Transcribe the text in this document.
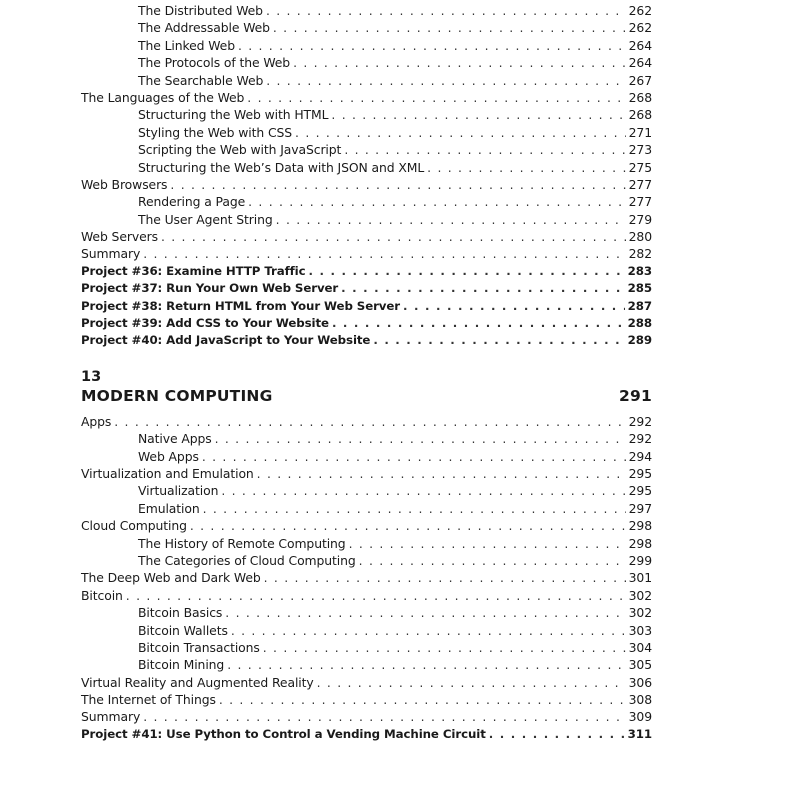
The Distributed Web . . .	262
The Addressable Web . . .	262
The Linked Web . . .	264
The Protocols of the Web . . .	264
The Searchable Web . . .	267
The Languages of the Web . . .	268
Structuring the Web with HTML . . .	268
Styling the Web with CSS . . .	271
Scripting the Web with JavaScript . . .	273
Structuring the Web’s Data with JSON and XML . . .	275
Web Browsers . . .	277
Rendering a Page . . .	277
The User Agent String . . .	279
Web Servers . . .	280
Summary . . .	282
Project #36: Examine HTTP Traffic . . .	283
Project #37: Run Your Own Web Server . . .	285
Project #38: Return HTML from Your Web Server . . .	287
Project #39: Add CSS to Your Website . . .	288
Project #40: Add JavaScript to Your Website . . .	289
13
MODERN COMPUTING	291
Apps . . .	292
Native Apps . . .	292
Web Apps . . .	294
Virtualization and Emulation . . .	295
Virtualization . . .	295
Emulation . . .	297
Cloud Computing . . .	298
The History of Remote Computing . . .	298
The Categories of Cloud Computing . . .	299
The Deep Web and Dark Web . . .	301
Bitcoin . . .	302
Bitcoin Basics . . .	302
Bitcoin Wallets . . .	303
Bitcoin Transactions . . .	304
Bitcoin Mining . . .	305
Virtual Reality and Augmented Reality . . .	306
The Internet of Things . . .	308
Summary . . .	309
Project #41: Use Python to Control a Vending Machine Circuit . . .	311
